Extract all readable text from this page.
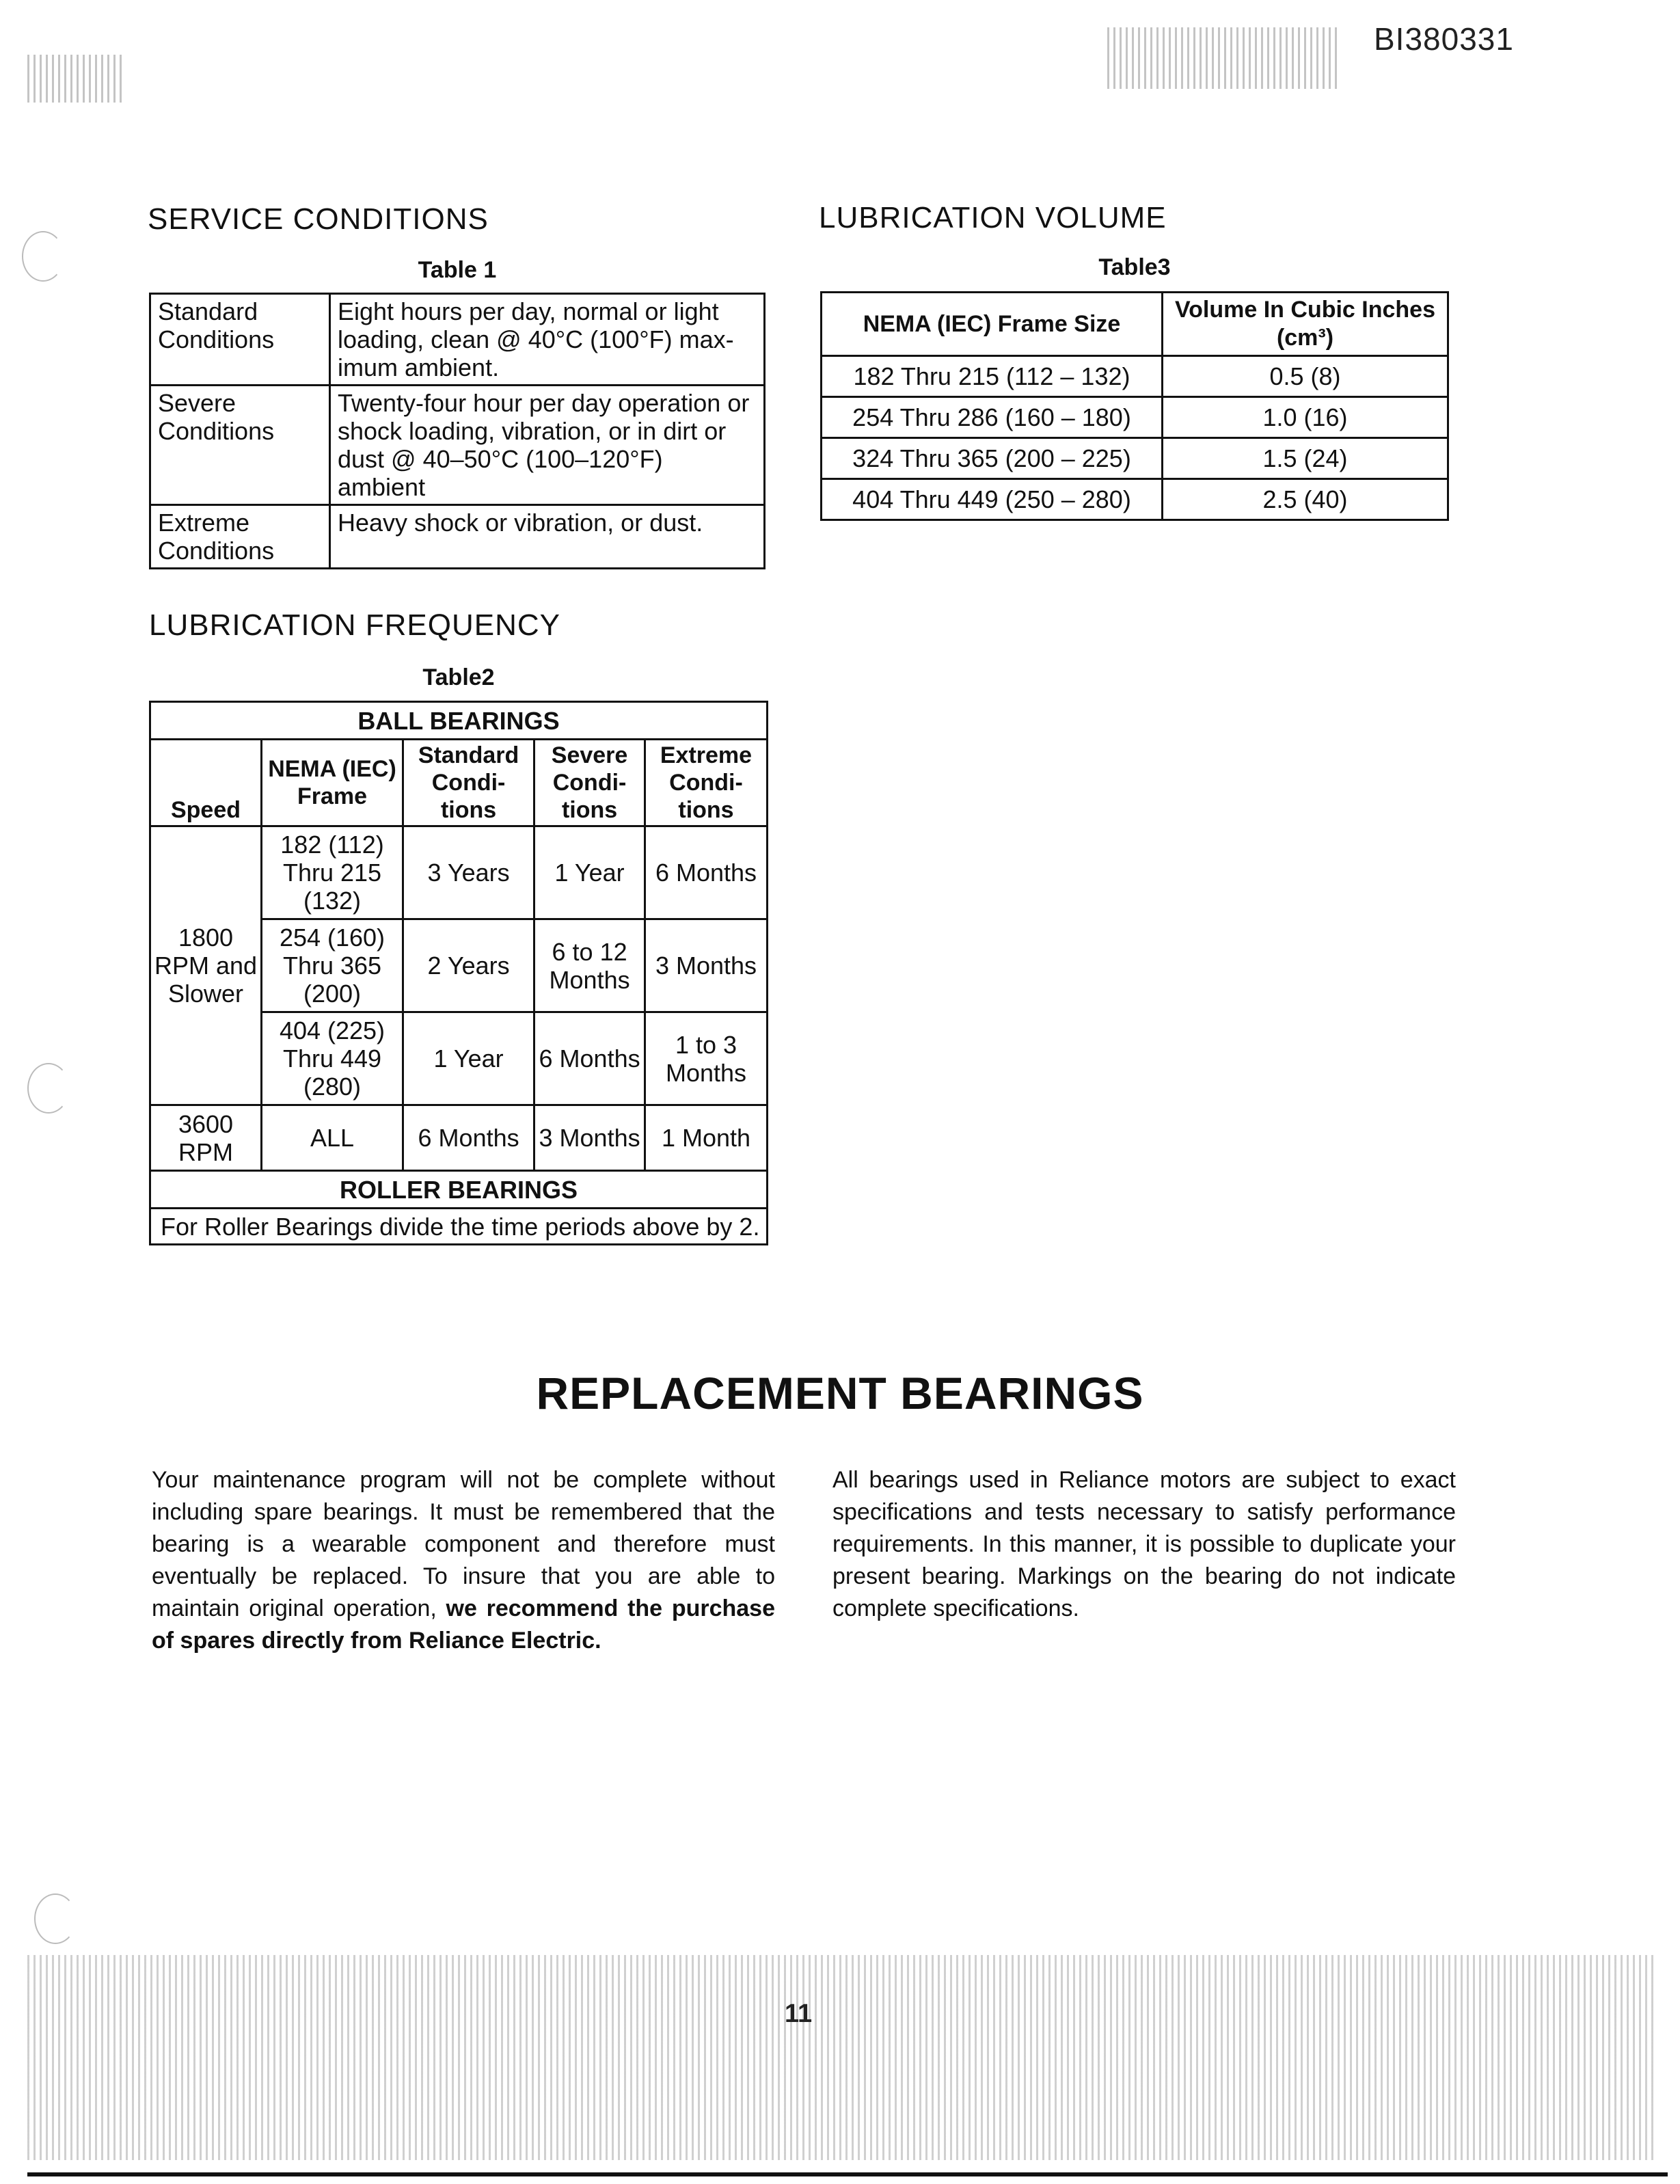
BI380331
SERVICE CONDITIONS
Table 1
Standard Conditions	Eight hours per day, normal or light loading, clean @ 40°C (100°F) max- imum ambient.
Severe Conditions	Twenty-four hour per day operation or shock loading, vibration, or in dirt or dust @ 40–50°C (100–120°F) ambient
Extreme Conditions	Heavy shock or vibration, or dust.
LUBRICATION VOLUME
Table3
NEMA (IEC) Frame Size	Volume In Cubic Inches (cm³)
182 Thru 215 (112 – 132)	0.5 (8)
254 Thru 286 (160 – 180)	1.0 (16)
324 Thru 365 (200 – 225)	1.5 (24)
404 Thru 449 (250 – 280)	2.5 (40)
LUBRICATION FREQUENCY
Table2
BALL BEARINGS				
Speed	NEMA (IEC) Frame	Standard Condi- tions	Severe Condi- tions	Extreme Condi- tions
1800 RPM and Slower	182 (112) Thru 215 (132)	3 Years	1 Year	6 Months
	254 (160) Thru 365 (200)	2 Years	6 to 12 Months	3 Months
	404 (225) Thru 449 (280)	1 Year	6 Months	1 to 3 Months
3600 RPM	ALL	6 Months	3 Months	1 Month
ROLLER BEARINGS				
For Roller Bearings divide the time periods above by 2.				
REPLACEMENT BEARINGS
Your maintenance program will not be complete without including spare bearings. It must be remembered that the bearing is a wearable component and therefore must eventually be replaced. To insure that you are able to maintain original operation, we recommend the purchase of spares directly from Reliance Electric.
All bearings used in Reliance motors are subject to exact specifications and tests necessary to satisfy performance requirements. In this manner, it is possible to duplicate your present bearing. Markings on the bearing do not indicate complete specifications.
11
